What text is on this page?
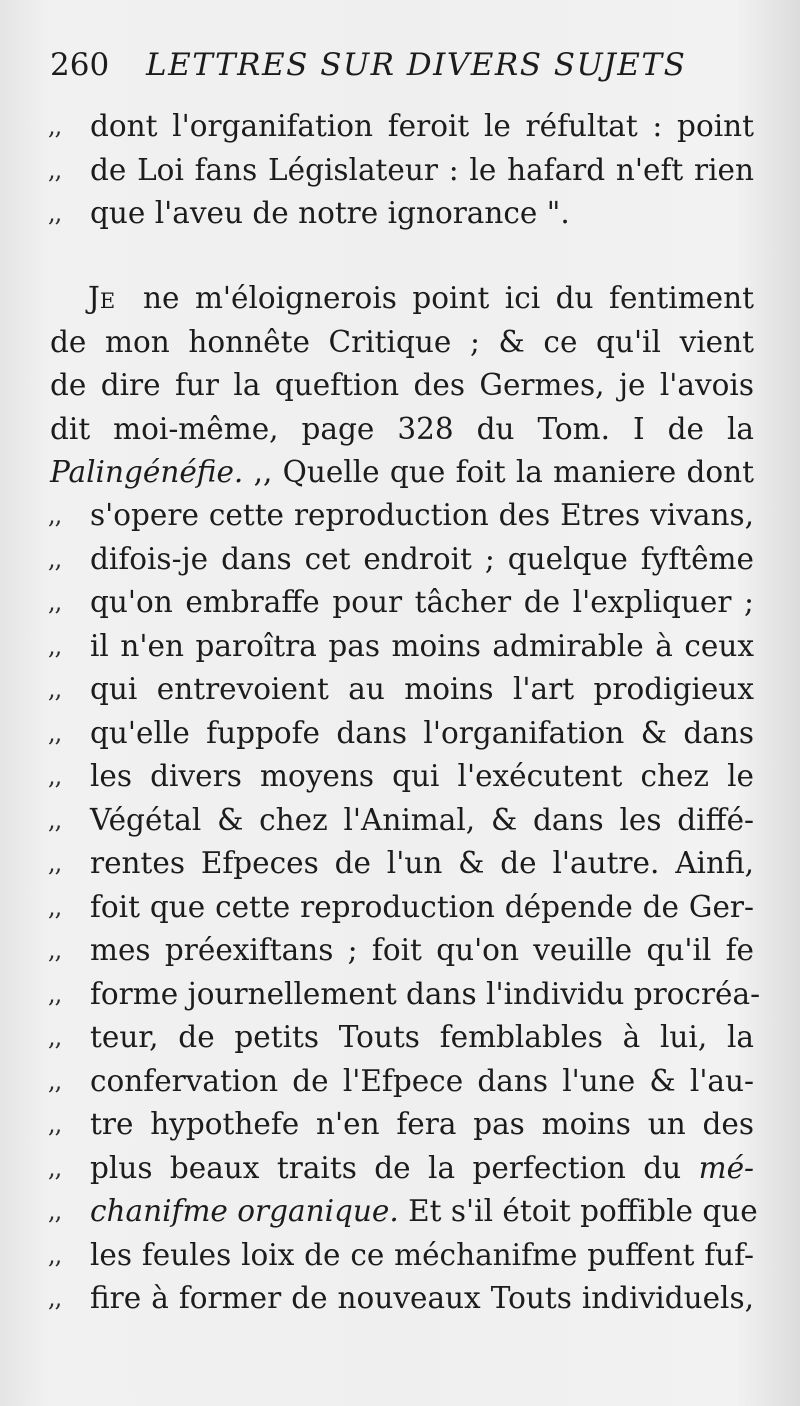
260 LETTRES SUR DIVERS SUJETS
,, dont l'organifation feroit le réfultat : point
,, de Loi fans Législateur : le hafard n'eft rien
,, que l'aveu de notre ignorance ".
Je ne m'éloignerois point ici du fentiment
de mon honnête Critique ; & ce qu'il vient
de dire fur la queftion des Germes, je l'avois
dit moi-même, page 328 du Tom. I de la
Palingénéfie. ,, Quelle que foit la maniere dont
,, s'opere cette reproduction des Etres vivans,
,, difois-je dans cet endroit ; quelque fyftême
,, qu'on embraffe pour tâcher de l'expliquer ;
,, il n'en paroîtra pas moins admirable à ceux
,, qui entrevoient au moins l'art prodigieux
,, qu'elle fuppofe dans l'organifation & dans
,, les divers moyens qui l'exécutent chez le
,, Végétal & chez l'Animal, & dans les diffé-
,, rentes Efpeces de l'un & de l'autre. Ainfi,
,, foit que cette reproduction dépende de Ger-
,, mes préexiftans ; foit qu'on veuille qu'il fe
,, forme journellement dans l'individu procréa-
,, teur, de petits Touts femblables à lui, la
,, confervation de l'Efpece dans l'une & l'au-
,, tre hypothefe n'en fera pas moins un des
,, plus beaux traits de la perfection du mé-
,, chanifme organique. Et s'il étoit poffible que
,, les feules loix de ce méchanifme puffent fuf-
,, fire à former de nouveaux Touts individuels,
